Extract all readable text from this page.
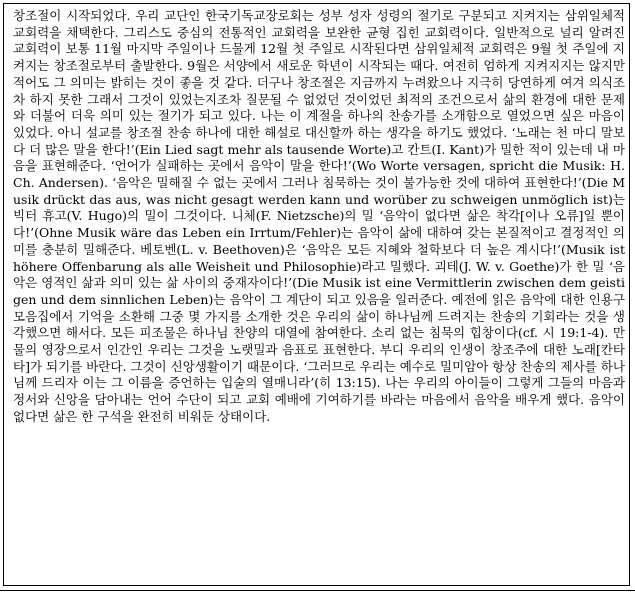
창조절이 시작되었다. 우리 교단인 한국기독교장로회는 성부 성자 성령의 절기로 구분되고 지켜지는 삼위일체적 교회력을 채택한다. 그리스도 중심의 전통적인 교회력을 보완한 균형 집힌 교회력이다. 일반적으로 널리 알려진 교회력이 보통 11월 마지막 주일이나 드물게 12월 첫 주일로 시작된다면 삼위일체적 교회력은 9월 첫 주일에 지켜지는 창조절로부터 출발한다. 9월은 서양에서 새로운 학년이 시작되는 때다. 여전히 엄하게 지켜지지는 않지만 적어도 그 의미는 밝히는 것이 좋을 것 같다. 더구나 창조절은 지금까지 누려왔으나 지극히 당연하게 여겨 의식조차 하지 못한 그래서 그것이 있었는지조차 질문될 수 없었던 것이었던 최적의 조건으로서 삶의 환경에 대한 문제와 더불어 더욱 의미 있는 절기가 되고 있다. 나는 이 계절을 하나의 찬송가를 소개함으로 열었으면 싶은 마음이 있었다. 아니 설교를 창조절 찬송 하나에 대한 해설로 대신할까 하는 생각을 하기도 했었다. ‘노래는 천 마디 말보다 더 많은 말을 한다!’(Ein Lied sagt mehr als tausende Worte)고 칸트(I. Kant)가 밀한 적이 있는데 내 마음을 표현해준다. ‘언어가 실패하는 곳에서 음악이 말을 한다!’(Wo Worte versagen, spricht die Musik: H. Ch. Andersen). ‘음악은 밀해질 수 없는 곳에서 그러나 침묵하는 것이 불가능한 것에 대하여 표현한다!’(Die Musik drückt das aus, was nicht gesagt werden kann und worüber zu schweigen unmöglich ist)는 빅터 휴고(V. Hugo)의 밀이 그것이다. 니체(F. Nietzsche)의 밀 ‘음악이 없다면 삶은 착각[이나 오류]일 뿐이다!’(Ohne Musik wäre das Leben ein Irrtum/Fehler)는 음악이 삶에 대하여 갖는 본질적이고 결정적인 의미를 충분히 밀해준다. 베토벤(L. v. Beethoven)은 ‘음악은 모든 지혜와 철학보다 더 높은 계시다!’(Musik ist höhere Offenbarung als alle Weisheit und Philosophie)라고 밀했다. 괴테(J. W. v. Goethe)가 한 밀 ‘음악은 영적인 삶과 의미 있는 삶 사이의 중재자이다!’(Die Musik ist eine Vermittlerin zwischen dem geistigen und dem sinnlichen Leben)는 음악이 그 계단이 되고 있음을 일러준다. 예전에 읽은 음악에 대한 인용구 모음집에서 기억을 소환해 그중 몇 가지를 소개한 것은 우리의 삶이 하나님께 드려지는 찬송의 기회라는 것을 생각했으면 해서다. 모든 피조물은 하나님 찬양의 대열에 참여한다. 소리 없는 침묵의 힙창이다(cf. 시 19:1-4). 만물의 영장으로서 인간인 우리는 그것을 노랫밀과 음표로 표현한다. 부디 우리의 인생이 창조주에 대한 노래[칸타타]가 되기를 바란다. 그것이 신앙생활이기 때문이다. ‘그러므로 우리는 예수로 밀미암아 항상 찬송의 제사를 하나님께 드리자 이는 그 이름을 증언하는 입술의 열매니라’(히 13:15). 나는 우리의 아이들이 그렇게 그들의 마음과 정서와 신앙을 담아내는 언어 수단이 되고 교회 예배에 기여하기를 바라는 마음에서 음악을 배우게 했다. 음악이 없다면 삶은 한 구석을 완전히 비워둔 상태이다.
